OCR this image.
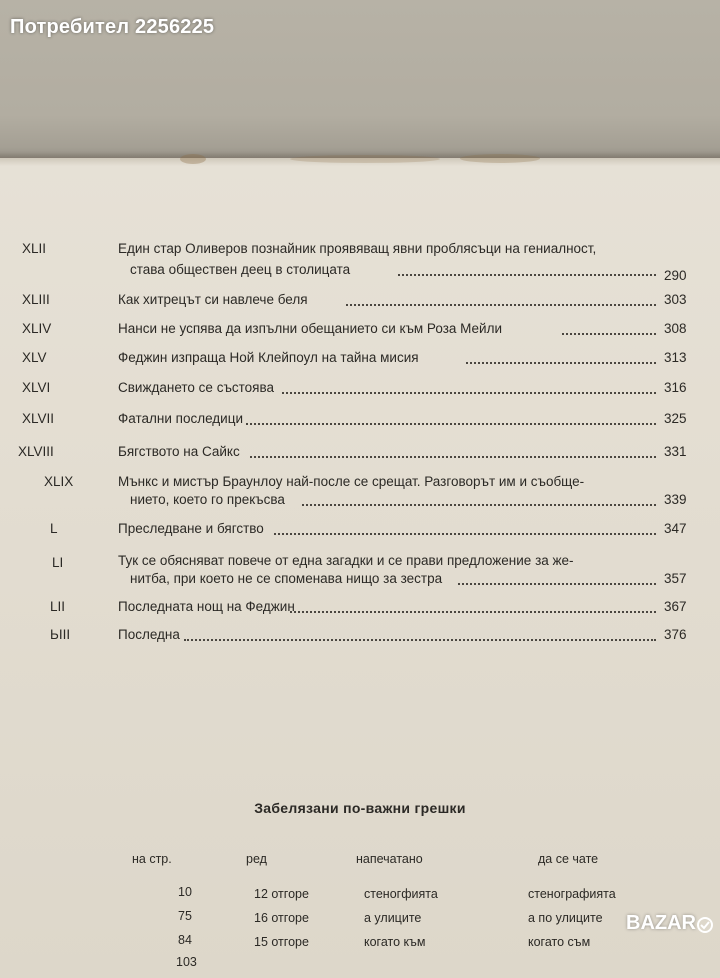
Потребител 2256225
XLII	Един стар Оливеров познайник проявяващ явни проблясъци на гениалност,
става обществен деец в столицата	290
XLIII	Как хитрецът си навлече беля	303
XLIV	Нанси не успява да изпълни обещанието си към Роза Мейли	308
XLV	Феджин изпраща Ной Клейпоул на тайна мисия	313
XLVI	Свиждането се състоява	316
XLVII	Фатални последици	325
XLVIII	Бягството на Сайкс	331
XLIX	Мънкс и мистър Браунлоу най-после се срещат. Разговорът им и съобще-
нието, което го прекъсва	339
L	Преследване и бягство	347
LI	Тук се обясняват повече от една загадки и се прави предложение за же-
нитба, при което не се споменава нищо за зестра	357
LII	Последната нощ на Феджин	367
ЬIII	Последна	376
Забелязани по-важни грешки
на стр.	ред	напечатано	да се чате
10	12 отгоре	стеногфията	стенографията
75	16 отгоре	а улиците	а по улиците
84	15 отгоре	когато към	когато съм
103
BAZAR
